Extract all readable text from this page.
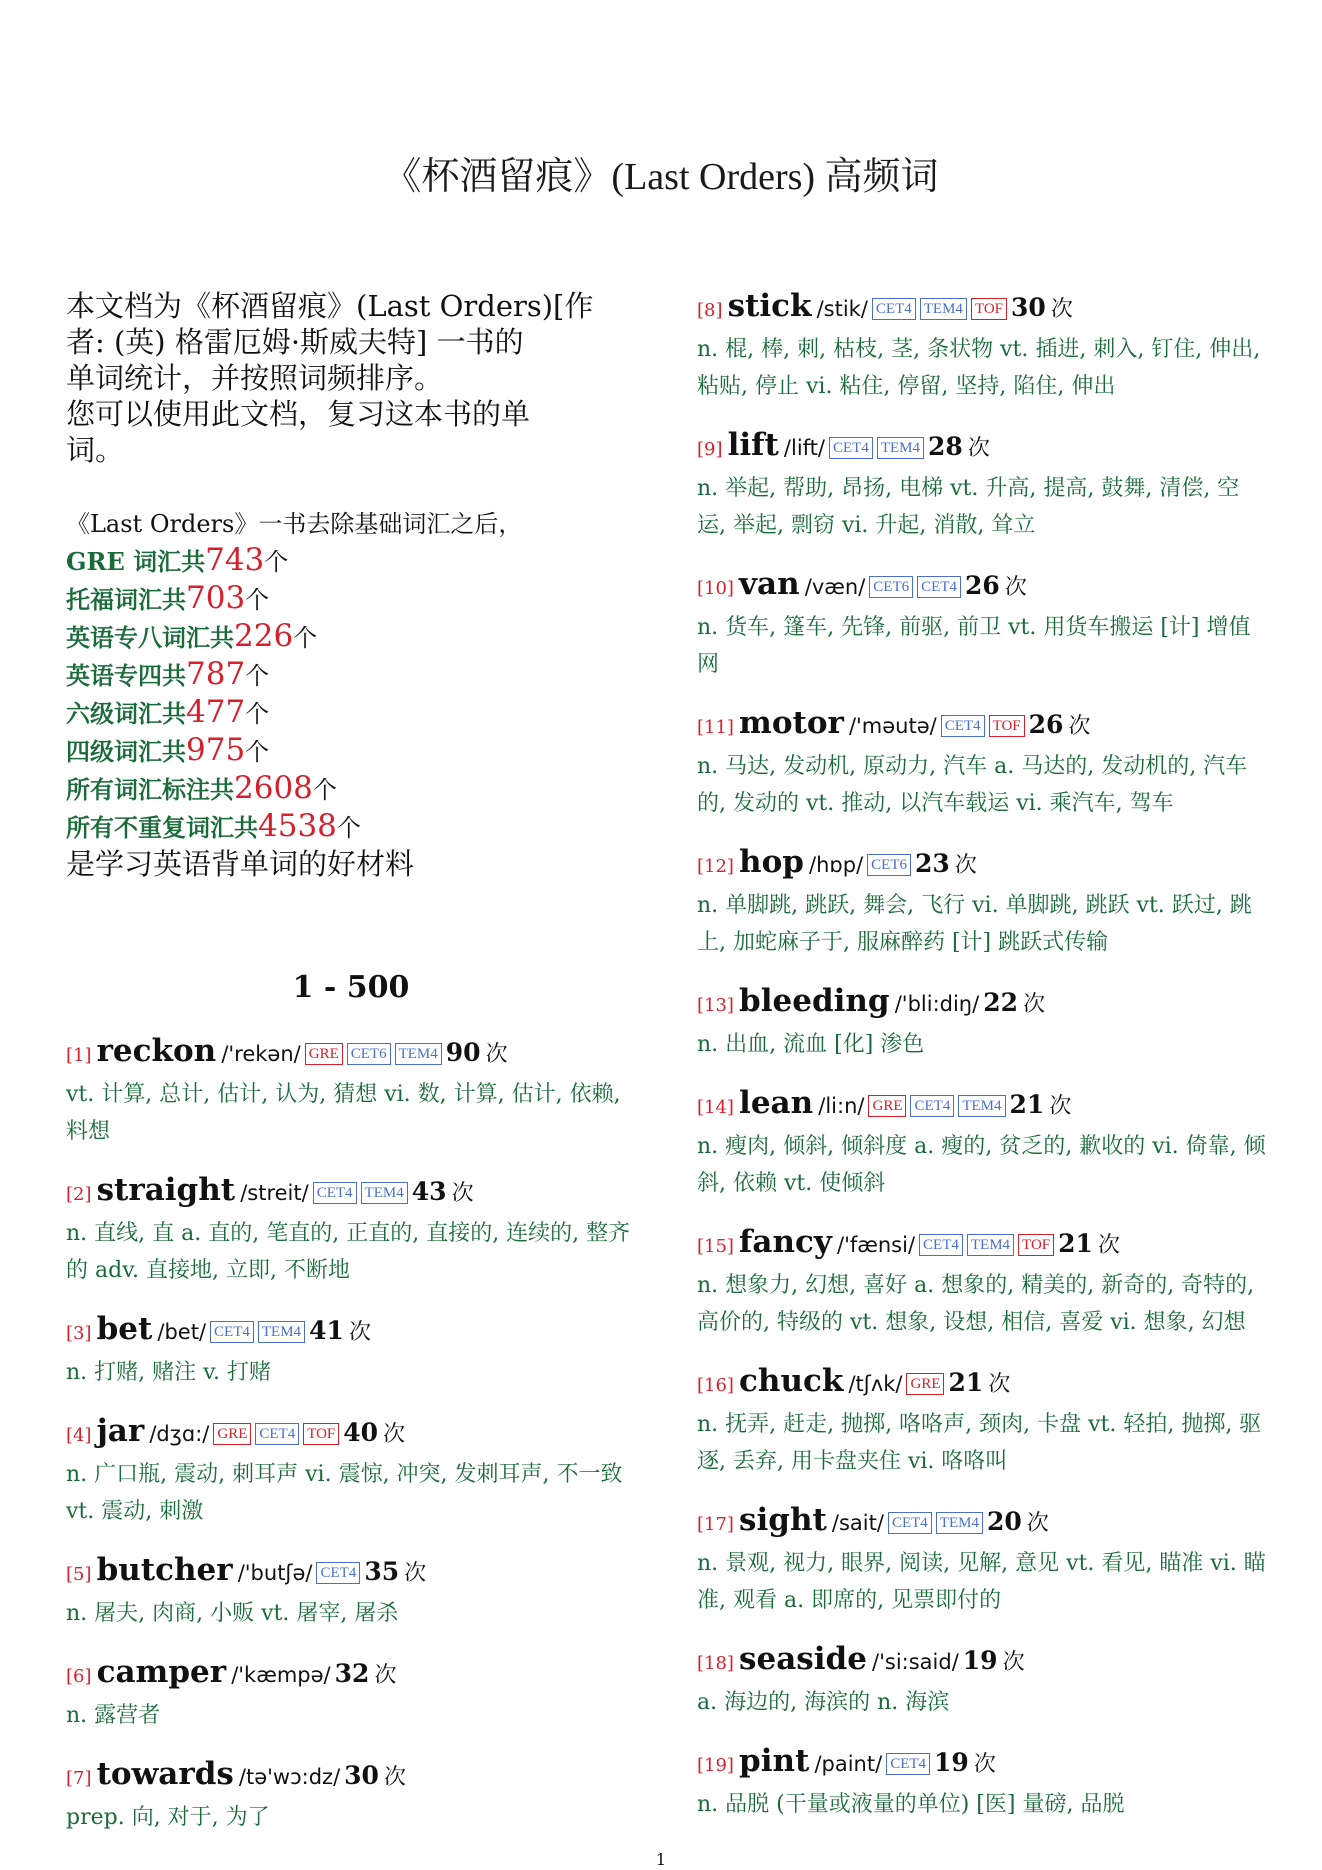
《杯酒留痕》(Last Orders) 高频词
本文档为《杯酒留痕》(Last Orders)[作
者: (英) 格雷厄姆·斯威夫特] 一书的
单词统计，并按照词频排序。
您可以使用此文档，复习这本书的单
词。
《Last Orders》一书去除基础词汇之后，
GRE 词汇共743个
托福词汇共703个
英语专八词汇共226个
英语专四共787个
六级词汇共477个
四级词汇共975个
所有词汇标注共2608个
所有不重复词汇共4538个
是学习英语背单词的好材料
1 - 500
[1] reckon /'rekən/ GRE CET6 TEM4 90 次
vt. 计算, 总计, 估计, 认为, 猜想 vi. 数, 计算, 估计, 依赖, 料想
[2] straight /streit/ CET4 TEM4 43 次
n. 直线, 直 a. 直的, 笔直的, 正直的, 直接的, 连续的, 整齐的 adv. 直接地, 立即, 不断地
[3] bet /bet/ CET4 TEM4 41 次
n. 打赌, 赌注 v. 打赌
[4] jar /dʒɑ:/ GRE CET4 TOF 40 次
n. 广口瓶, 震动, 刺耳声 vi. 震惊, 冲突, 发刺耳声, 不一致 vt. 震动, 刺激
[5] butcher /'butʃə/ CET4 35 次
n. 屠夫, 肉商, 小贩 vt. 屠宰, 屠杀
[6] camper /'kæmpə/ 32 次
n. 露营者
[7] towards /tə'wɔ:dz/ 30 次
prep. 向, 对于, 为了
[8] stick /stik/ CET4 TEM4 TOF 30 次
n. 棍, 棒, 刺, 枯枝, 茎, 条状物 vt. 插进, 刺入, 钉住, 伸出, 粘贴, 停止 vi. 粘住, 停留, 坚持, 陷住, 伸出
[9] lift /lift/ CET4 TEM4 28 次
n. 举起, 帮助, 昂扬, 电梯 vt. 升高, 提高, 鼓舞, 清偿, 空运, 举起, 剽窃 vi. 升起, 消散, 耸立
[10] van /væn/ CET6 CET4 26 次
n. 货车, 篷车, 先锋, 前驱, 前卫 vt. 用货车搬运 [计] 增值网
[11] motor /'məutə/ CET4 TOF 26 次
n. 马达, 发动机, 原动力, 汽车 a. 马达的, 发动机的, 汽车的, 发动的 vt. 推动, 以汽车载运 vi. 乘汽车, 驾车
[12] hop /hɒp/ CET6 23 次
n. 单脚跳, 跳跃, 舞会, 飞行 vi. 单脚跳, 跳跃 vt. 跃过, 跳上, 加蛇麻子于, 服麻醉药 [计] 跳跃式传输
[13] bleeding /'bli:diŋ/ 22 次
n. 出血, 流血 [化] 渗色
[14] lean /li:n/ GRE CET4 TEM4 21 次
n. 瘦肉, 倾斜, 倾斜度 a. 瘦的, 贫乏的, 歉收的 vi. 倚靠, 倾斜, 依赖 vt. 使倾斜
[15] fancy /'fænsi/ CET4 TEM4 TOF 21 次
n. 想象力, 幻想, 喜好 a. 想象的, 精美的, 新奇的, 奇特的, 高价的, 特级的 vt. 想象, 设想, 相信, 喜爱 vi. 想象, 幻想
[16] chuck /tʃʌk/ GRE 21 次
n. 抚弄, 赶走, 抛掷, 咯咯声, 颈肉, 卡盘 vt. 轻拍, 抛掷, 驱逐, 丢弃, 用卡盘夹住 vi. 咯咯叫
[17] sight /sait/ CET4 TEM4 20 次
n. 景观, 视力, 眼界, 阅读, 见解, 意见 vt. 看见, 瞄准 vi. 瞄准, 观看 a. 即席的, 见票即付的
[18] seaside /'si:said/ 19 次
a. 海边的, 海滨的 n. 海滨
[19] pint /paint/ CET4 19 次
n. 品脱 (干量或液量的单位) [医] 量磅, 品脱
1
